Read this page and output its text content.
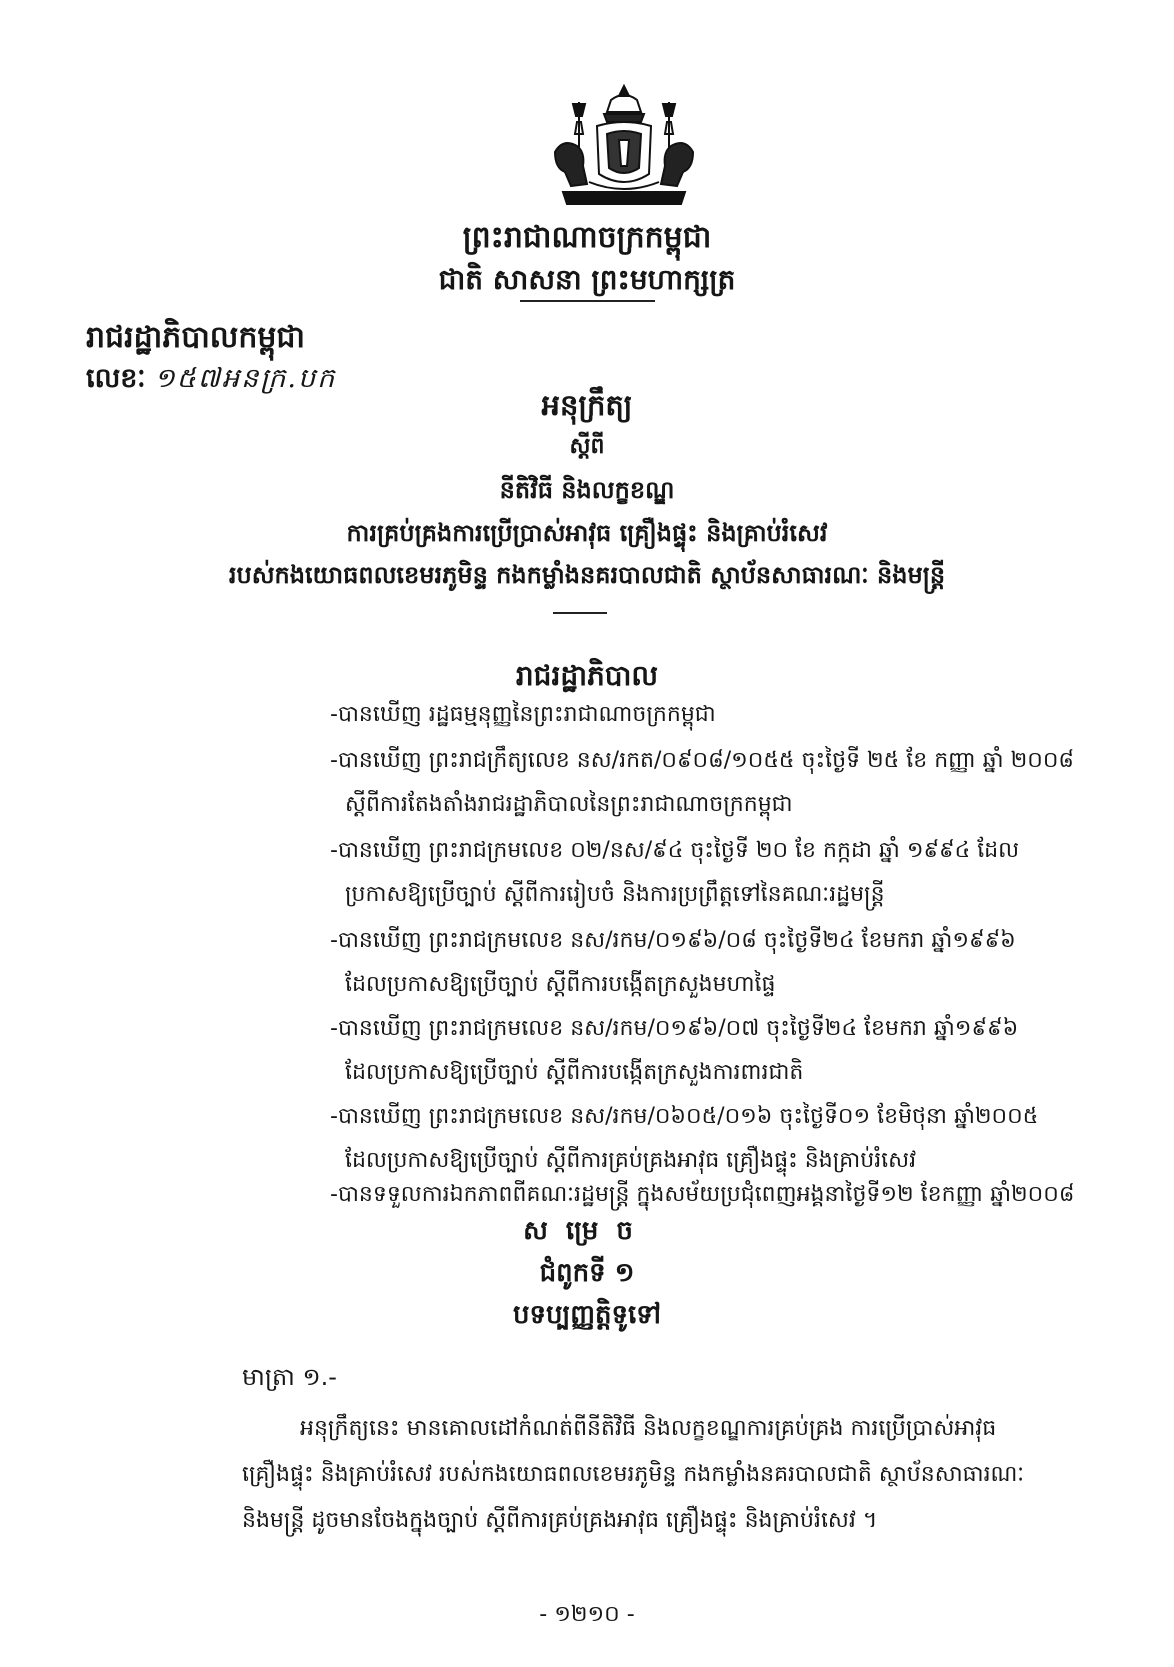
ព្រះរាជាណាចក្រកម្ពុជា
ជាតិ សាសនា ព្រះមហាក្សត្រ
រាជរដ្ឋាភិបាលកម្ពុជា
លេខៈ ១៥៧អនក្រ.បក
អនុក្រឹត្យ
ស្តីពី
នីតិវិធី និងលក្ខខណ្ឌ
ការគ្រប់គ្រងការប្រើប្រាស់អាវុធ គ្រឿងផ្ទុះ និងគ្រាប់រំសេវ
របស់កងយោធពលខេមរភូមិន្ទ កងកម្លាំងនគរបាលជាតិ ស្ថាប័នសាធារណៈ និងមន្ត្រី
រាជរដ្ឋាភិបាល
-បានឃើញ រដ្ឋធម្មនុញ្ញនៃព្រះរាជាណាចក្រកម្ពុជា
-បានឃើញ ព្រះរាជក្រឹត្យលេខ នស/រកត/០៩០៨/១០៥៥ ចុះថ្ងៃទី ២៥ ខែ កញ្ញា ឆ្នាំ ២០០៨
ស្តីពីការតែងតាំងរាជរដ្ឋាភិបាលនៃព្រះរាជាណាចក្រកម្ពុជា
-បានឃើញ ព្រះរាជក្រមលេខ ០២/នស/៩៤ ចុះថ្ងៃទី ២០ ខែ កក្កដា ឆ្នាំ ១៩៩៤ ដែល
ប្រកាសឱ្យប្រើច្បាប់ ស្តីពីការរៀបចំ និងការប្រព្រឹត្តទៅនៃគណៈរដ្ឋមន្ត្រី
-បានឃើញ ព្រះរាជក្រមលេខ នស/រកម/០១៩៦/០៨ ចុះថ្ងៃទី២៤ ខែមករា ឆ្នាំ១៩៩៦
ដែលប្រកាសឱ្យប្រើច្បាប់ ស្តីពីការបង្កើតក្រសួងមហាផ្ទៃ
-បានឃើញ ព្រះរាជក្រមលេខ នស/រកម/០១៩៦/០៧ ចុះថ្ងៃទី២៤ ខែមករា ឆ្នាំ១៩៩៦
ដែលប្រកាសឱ្យប្រើច្បាប់ ស្តីពីការបង្កើតក្រសួងការពារជាតិ
-បានឃើញ ព្រះរាជក្រមលេខ នស/រកម/០៦០៥/០១៦ ចុះថ្ងៃទី០១ ខែមិថុនា ឆ្នាំ២០០៥
ដែលប្រកាសឱ្យប្រើច្បាប់ ស្តីពីការគ្រប់គ្រងអាវុធ គ្រឿងផ្ទុះ និងគ្រាប់រំសេវ
-បានទទួលការឯកភាពពីគណៈរដ្ឋមន្ត្រី ក្នុងសម័យប្រជុំពេញអង្គនាថ្ងៃទី១២ ខែកញ្ញា ឆ្នាំ២០០៨
សម្រេច
ជំពូកទី ១
បទប្បញ្ញត្តិទូទៅ
មាត្រា ១.-
អនុក្រឹត្យនេះ មានគោលដៅកំណត់ពីនីតិវិធី និងលក្ខខណ្ឌការគ្រប់គ្រង ការប្រើប្រាស់អាវុធ
គ្រឿងផ្ទុះ និងគ្រាប់រំសេវ របស់កងយោធពលខេមរភូមិន្ទ កងកម្លាំងនគរបាលជាតិ ស្ថាប័នសាធារណៈ
និងមន្ត្រី ដូចមានចែងក្នុងច្បាប់ ស្តីពីការគ្រប់គ្រងអាវុធ គ្រឿងផ្ទុះ និងគ្រាប់រំសេវ ។
- ១២១០ -
